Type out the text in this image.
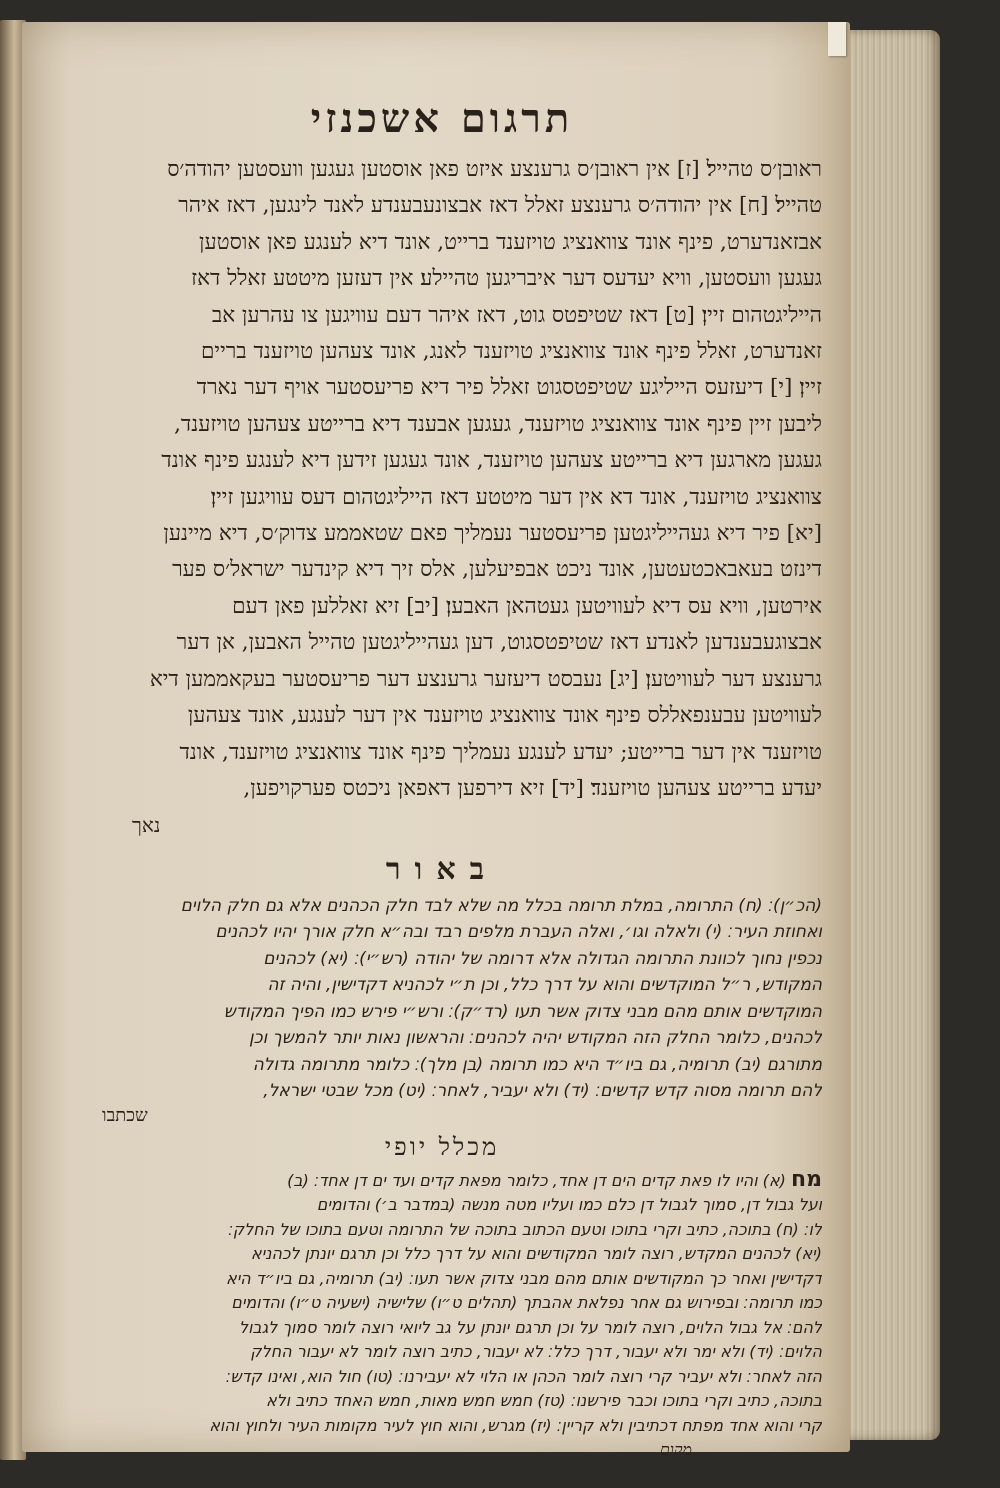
תרגום אשכנזי
ראובן׳ס טהייל׃ [ז] אין ראובן׳ס גרענצע איזט פאן אוסטען געגען וועסטען יהודה׳ס
טהייל׃ [ח] אין יהודה׳ס גרענצע זאלל דאז אבצונעבענדע לאנד לינגען, דאז איהר
אבזאנדערט, פינף אונד צוואנציג טויזענד ברייט, אונד דיא לענגע פאן אוסטען
געגען וועסטען, וויא יעדעס דער איבריגען טהיילע׃ אין דעזען מיטטע זאלל דאז
הייליגטהום זיין׃ [ט] דאז שטיפטס גוט, דאז איהר דעם עוויגען צו עהרען אב
זאנדערט, זאלל פינף אונד צוואנציג טויזענד לאנג, אונד צעהען טויזענד בריים
זיין׃ [י] דיעזעס הייליגע שטיפטסגוט זאלל פיר דיא פריעסטער אויף דער נארד
ליבען זיין פינף אונד צוואנציג טויזענד, געגען אבענד דיא ברייטע צעהען טויזענד,
געגען מארגען דיא ברייטע צעהען טויזענד, אונד געגען זידען דיא לענגע פינף אונד
צוואנציג טויזענד, אונד דא אין דער מיטטע דאז הייליגטהום דעס עוויגען זיין׃
[יא] פיר דיא געהייליגטען פריעסטער נעמליך פאם שטאממע צדוק׳ס, דיא מיינען
דינזט בעאבאכטעטען, אונד ניכט אבפיעלען, אלס זיך דיא קינדער ישראל׳ס פער
אירטען, וויא עס דיא לעוויטען געטהאן האבען׃ [יב] זיא זאללען פאן דעם
אבצוגעבענדען לאנדע דאז שטיפטסגוט, דען געהייליגטען טהייל האבען, אן דער
גרענצע דער לעוויטען׃ [יג] נעבסט דיעזער גרענצע דער פריעסטער בעקאממען דיא
לעוויטען עבענפאללס פינף אונד צוואנציג טויזענד אין דער לענגע, אונד צעהען
טויזענד אין דער ברייטע; יעדע לענגע נעמליך פינף אונד צוואנציג טויזענד, אונד
יעדע ברייטע צעהען טויזענד׃ [יד] זיא דירפען דאפאן ניכטס פערקויפען,
נאך
באור
(הכ״ן)׃ (ח) התרומה, במלת תרומה בכלל מה שלא לבד חלק הכהנים אלא גם חלק הלוים
ואחוזת העיר׃ (י) ולאלה וגו׳, ואלה העברת מלפים רבד ובה״א חלק אורך יהיו לכהנים
נכפין נחוך לכוונת התרומה הגדולה אלא דרומה של יהודה (רש״י)׃ (יא) לכהנים
המקודש, ר״ל המוקדשים והוא על דרך כלל, וכן ת״י לכהניא דקדישין, והיה זה
המוקדשים אותם מהם מבני צדוק אשר תעו (רד״ק)׃ ורש״י פירש כמו הפיך המקודש
לכהנים, כלומר החלק הזה המקודש יהיה לכהנים׃ והראשון נאות יותר להמשך וכן
מתורגם (יב) תרומיה, גם ביו״ד היא כמו תרומה (בן מלך)׃ כלומר מתרומה גדולה
להם תרומה מסוה קדש קדשים׃ (יד) ולא יעביר, לאחר׃ (יט) מכל שבטי ישראל,
שכתבו
מכלל יופי
מח (א) והיו לו פאת קדים הים דן אחד, כלומר מפאת קדים ועד ים דן אחד׃ (ב)
ועל גבול דן, סמוך לגבול דן כלם כמו ועליו מטה מנשה (במדבר ב׳) והדומים
לו׃ (ח) בתוכה, כתיב וקרי בתוכו וטעם הכתוב בתוכה של התרומה וטעם בתוכו של החלק׃
(יא) לכהנים המקדש, רוצה לומר המקודשים והוא על דרך כלל וכן תרגם יונתן לכהניא
דקדישין ואחר כך המקודשים אותם מהם מבני צדוק אשר תעו׃ (יב) תרומיה, גם ביו״ד היא
כמו תרומה׃ ובפירוש גם אחר נפלאת אהבתך (תהלים ט״ו) שלישיה (ישעיה ט״ו) והדומים
להם׃ אל גבול הלוים, רוצה לומר על וכן תרגם יונתן על גב ליואי רוצה לומר סמוך לגבול
הלוים׃ (יד) ולא ימר ולא יעבור, דרך כלל׃ לא יעבור, כתיב רוצה לומר לא יעבור החלק
הזה לאחר׃ ולא יעביר קרי רוצה לומר הכהן או הלוי לא יעבירנו׃ (טו) חול הוא, ואינו קדש׃
בתוכה, כתיב וקרי בתוכו וכבר פירשנו׃ (טז) חמש חמש מאות, חמש האחד כתיב ולא
קרי והוא אחד מפתח דכתיבין ולא קריין׃ (יז) מגרש, והוא חוץ לעיר מקומות העיר ולחוץ והוא
מקום
